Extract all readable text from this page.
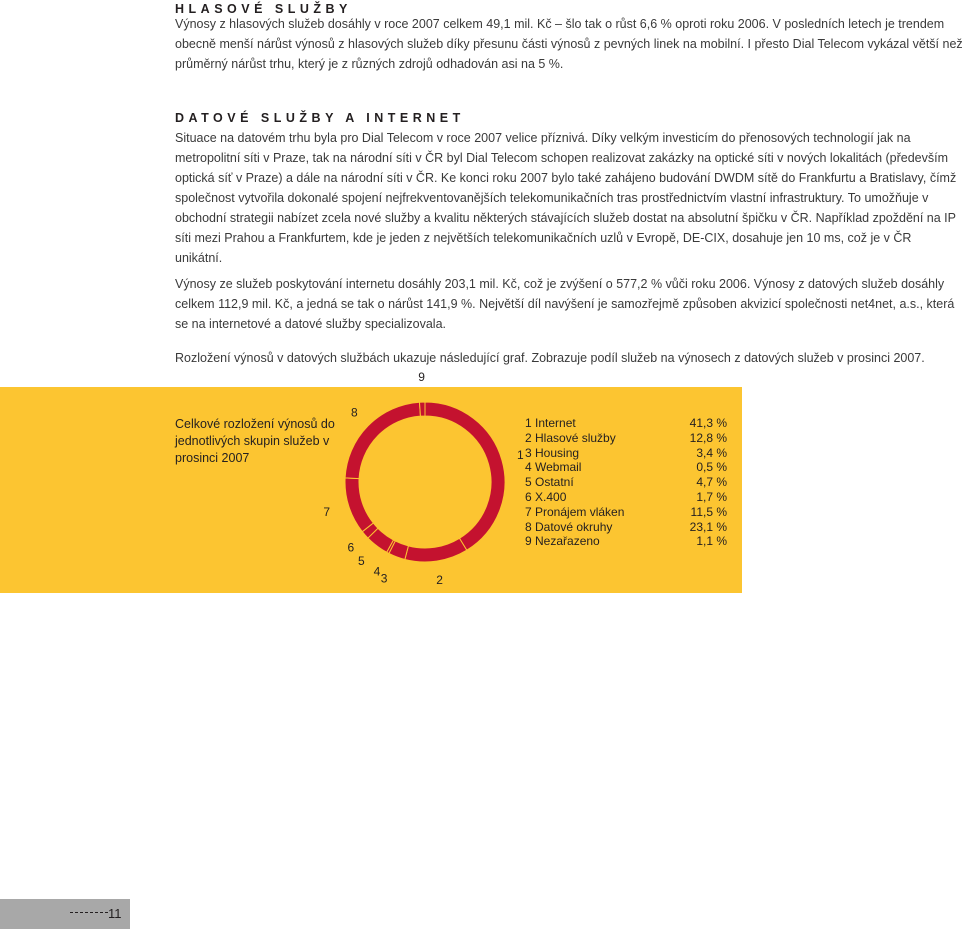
HLASOVÉ SLUŽBY

Výnosy z hlasových služeb dosáhly v roce 2007 celkem 49,1 mil. Kč – šlo tak o růst 6,6 % oproti roku 2006. V posledních letech je trendem obecně menší nárůst výnosů z hlasových služeb díky přesunu části výnosů z pevných linek na mobilní. I přesto Dial Telecom vykázal větší než průměrný nárůst trhu, který je z různých zdrojů odhadován asi na 5 %.

DATOVÉ SLUŽBY A INTERNET

Situace na datovém trhu byla pro Dial Telecom v roce 2007 velice příznivá. Díky velkým investicím do přenosových technologií jak na metropolitní síti v Praze, tak na národní síti v ČR byl Dial Telecom schopen realizovat zakázky na optické síti v nových lokalitách (především optická síť v Praze) a dále na národní síti v ČR. Ke konci roku 2007 bylo také zahájeno budování DWDM sítě do Frankfurtu a Bratislavy, čímž společnost vytvořila dokonalé spojení nejfrekventovanějších telekomunikačních tras prostřednictvím vlastní infrastruktury. To umožňuje v obchodní strategii nabízet zcela nové služby a kvalitu některých stávajících služeb dostat na absolutní špičku v ČR. Například zpoždění na IP síti mezi Prahou a Frankfurtem, kde je jeden z největších telekomunikačních uzlů v Evropě, DE-CIX, dosahuje jen 10 ms, což je v ČR unikátní.

Výnosy ze služeb poskytování internetu dosáhly 203,1 mil. Kč, což je zvýšení o 577,2 % vůči roku 2006. Výnosy z datových služeb dosáhly celkem 112,9 mil. Kč, a jedná se tak o nárůst 141,9 %. Největší díl navýšení je samozřejmě způsoben akvizicí společnosti net4net, a.s., která se na internetové a datové služby specializovala.

Rozložení výnosů v datových službách ukazuje následující graf. Zobrazuje podíl služeb na výnosech z datových služeb v prosinci 2007.

Celkové rozložení výnosů do jednotlivých skupin služeb v prosinci 2007	1
2
3
4
5
6
7
8
9
1 Internet	41,3 %
2 Hlasové služby	12,8 %
3 Housing	3,4 %
4 Webmail	0,5 %
5 Ostatní	4,7 %
6 X.400	1,7 %
7 Pronájem vláken	11,5 %
8 Datové okruhy	23,1 %
9 Nezařazeno	1,1 %
11
